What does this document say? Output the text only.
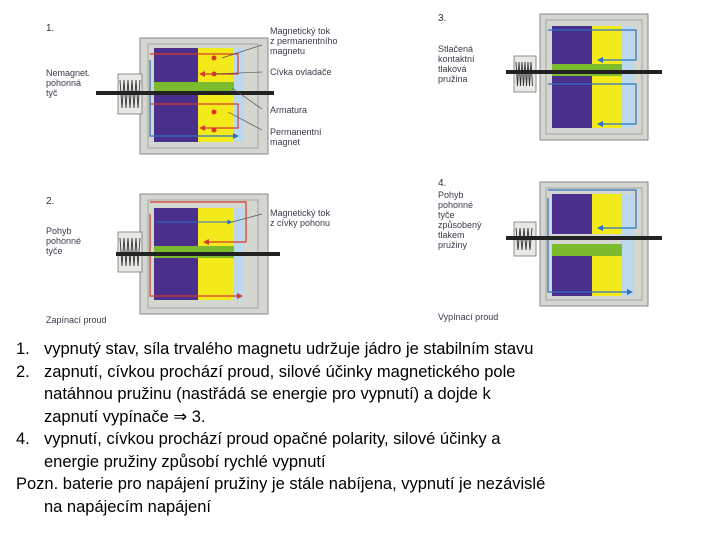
1.
Nemagnet.
pohonná
tyč
Magnetický tok
z permanentního
magnetu
Cívka ovladače
Armatura
Permanentní
magnet
2.
Pohyb
pohonné
tyče
Magnetický tok
z cívky pohonu
Zapínací proud
3.
Stlačená
kontaktní
tlaková
pružina
4.
Pohyb
pohonné
tyče
způsobený
tlakem
pružiny
Vypínací proud
1. vypnutý stav, síla trvalého magnetu udržuje jádro je stabilním stavu
2. zapnutí, cívkou prochází proud, silové účinky magnetického pole
natáhnou pružinu (nastřádá se energie pro vypnutí) a dojde k
zapnutí vypínače ⇒ 3.
4. vypnutí, cívkou prochází proud opačné polarity, silové účinky a
energie pružiny způsobí rychlé vypnutí
Pozn. baterie pro napájení pružiny je stále nabíjena, vypnutí je nezávislé
na napájecím napájení
